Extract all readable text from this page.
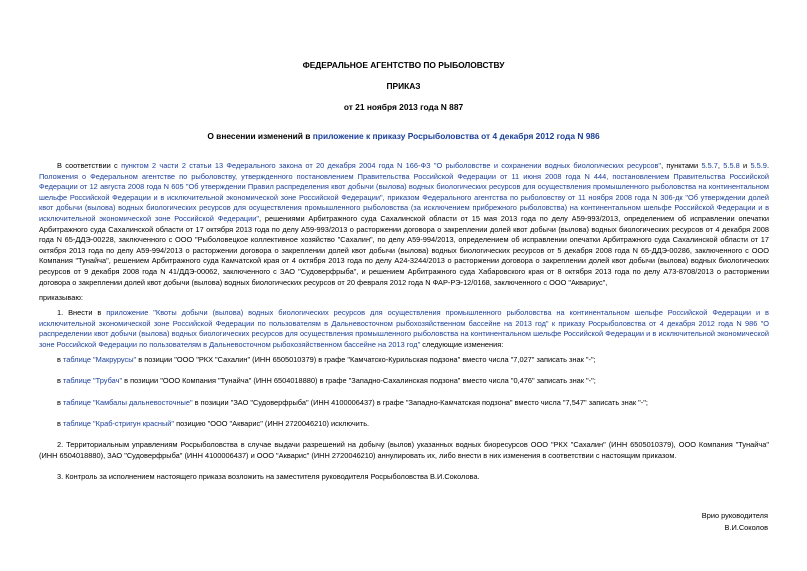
ФЕДЕРАЛЬНОЕ АГЕНТСТВО ПО РЫБОЛОВСТВУ
ПРИКАЗ
от 21 ноября 2013 года N 887
О внесении изменений в приложение к приказу Росрыболовства от 4 декабря 2012 года N 986
В соответствии с пунктом 2 части 2 статьи 13 Федерального закона от 20 декабря 2004 года N 166-ФЗ "О рыболовстве и сохранении водных биологических ресурсов", пунктами 5.5.7, 5.5.8 и 5.5.9. Положения о Федеральном агентстве по рыболовству, утвержденного постановлением Правительства Российской Федерации от 11 июня 2008 года N 444, постановлением Правительства Российской Федерации от 12 августа 2008 года N 605 "Об утверждении Правил распределения квот добычи (вылова) водных биологических ресурсов для осуществления промышленного рыболовства на континентальном шельфе Российской Федерации и в исключительной экономической зоне Российской Федерации", приказом Федерального агентства по рыболовству от 11 ноября 2008 года N 306-дк "Об утверждении долей квот добычи (вылова) водных биологических ресурсов для осуществления промышленного рыболовства (за исключением прибрежного рыболовства) на континентальном шельфе Российской Федерации и в исключительной экономической зоне Российской Федерации", решениями Арбитражного суда Сахалинской области от 15 мая 2013 года по делу А59-993/2013, определением об исправлении опечатки Арбитражного суда Сахалинской области от 17 октября 2013 года по делу А59-993/2013 о расторжении договора о закреплении долей квот добычи (вылова) водных биологических ресурсов от 4 декабря 2008 года N 65-ДДЭ-00228, заключенного с ООО "Рыболовецкое коллективное хозяйство "Сахалин", по делу А59-994/2013, определением об исправлении опечатки Арбитражного суда Сахалинской области от 17 октября 2013 года по делу А59-994/2013 о расторжении договора о закреплении долей квот добычи (вылова) водных биологических ресурсов от 5 декабря 2008 года N 65-ДДЭ-00286, заключенного с ООО Компания "Тунайча", решением Арбитражного суда Камчатской края от 4 октября 2013 года по делу А24-3244/2013 о расторжении договора о закреплении долей квот добычи (вылова) водных биологических ресурсов от 9 декабря 2008 года N 41/ДДЭ-00062, заключенного с ЗАО "Судоверфрыба", и решением Арбитражного суда Хабаровского края от 8 октября 2013 года по делу А73-8708/2013 о расторжении договора о закреплении долей квот добычи (вылова) водных биологических ресурсов от 20 февраля 2012 года N ФАР-РЭ-12/0168, заключенного с ООО "Аквариус",
приказываю:
1. Внести в приложение "Квоты добычи (вылова) водных биологических ресурсов для осуществления промышленного рыболовства на континентальном шельфе Российской Федерации и в исключительной экономической зоне Российской Федерации по пользователям в Дальневосточном рыбохозяйственном бассейне на 2013 год" к приказу Росрыболовства от 4 декабря 2012 года N 986 "О распределении квот добычи (вылова) водных биологических ресурсов для осуществления промышленного рыболовства на континентальном шельфе Российской Федерации и в исключительной экономической зоне Российской Федерации по пользователям в Дальневосточном рыбохозяйственном бассейне на 2013 год" следующие изменения:
в таблице "Макрурусы" в позиции "ООО "РКХ "Сахалин" (ИНН 6505010379) в графе "Камчатско-Курильская подзона" вместо числа "7,027" записать знак "-";
в таблице "Трубач" в позиции "ООО Компания "Тунайча" (ИНН 6504018880) в графе "Западно-Сахалинская подзона" вместо числа "0,476" записать знак "-";
в таблице "Камбалы дальневосточные" в позиции "ЗАО "Судоверфрыба" (ИНН 4100006437) в графе "Западно-Камчатская подзона" вместо числа "7,547" записать знак "-";
в таблице "Краб-стригун красный" позицию "ООО "Акварис" (ИНН 2720046210) исключить.
2. Территориальным управлениям Росрыболовства в случае выдачи разрешений на добычу (вылов) указанных водных биоресурсов ООО "РКХ "Сахалин" (ИНН 6505010379), ООО Компания "Тунайча" (ИНН 6504018880), ЗАО "Судоверфрыба" (ИНН 4100006437) и ООО "Акварис" (ИНН 2720046210) аннулировать их, либо внести в них изменения в соответствии с настоящим приказом.
3. Контроль за исполнением настоящего приказа возложить на заместителя руководителя Росрыболовства В.И.Соколова.
Врио руководителя
В.И.Соколов
